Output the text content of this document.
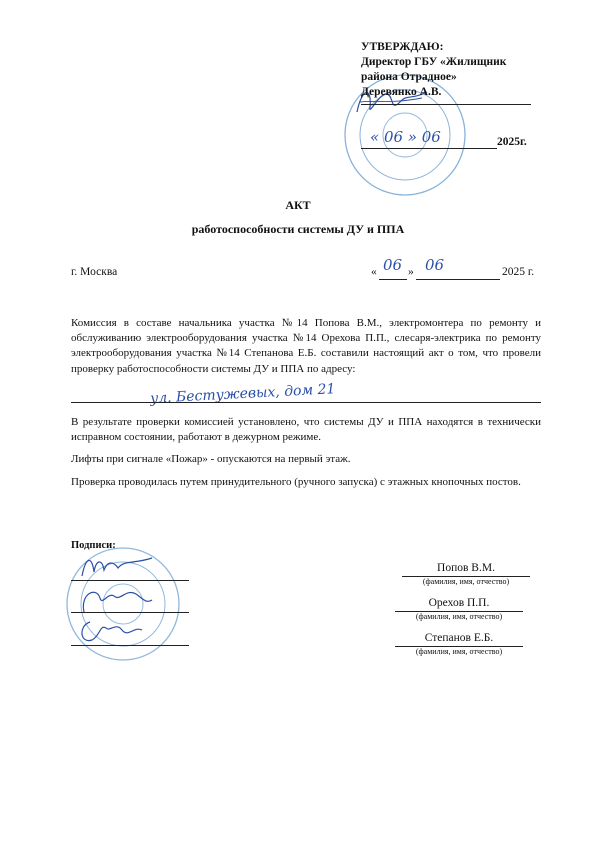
УТВЕРЖДАЮ:
Директор ГБУ «Жилищник
района Отрадное»
Деревянко А.В.
« 06 » 06	2025г.
АКТ
работоспособности системы ДУ и ППА
г. Москва	« 06 » 06	2025 г.
Комиссия в составе начальника участка №14 Попова В.М., электромонтера по ремонту и обслуживанию электрооборудования участка №14 Орехова П.П., слесаря-электрика по ремонту электрооборудования участка №14 Степанова Е.Б. составили настоящий акт о том, что провели проверку работоспособности системы ДУ и ППА по адресу:
ул. Бестужевых, дом 21
В результате проверки комиссией установлено, что системы ДУ и ППА находятся в технически исправном состоянии, работают в дежурном режиме.
Лифты при сигнале «Пожар» - опускаются на первый этаж.
Проверка проводилась путем принудительного (ручного запуска) с этажных кнопочных постов.
Подписи:
Попов В.М.
(фамилия, имя, отчество)
Орехов П.П.
(фамилия, имя, отчество)
Степанов Е.Б.
(фамилия, имя, отчество)
